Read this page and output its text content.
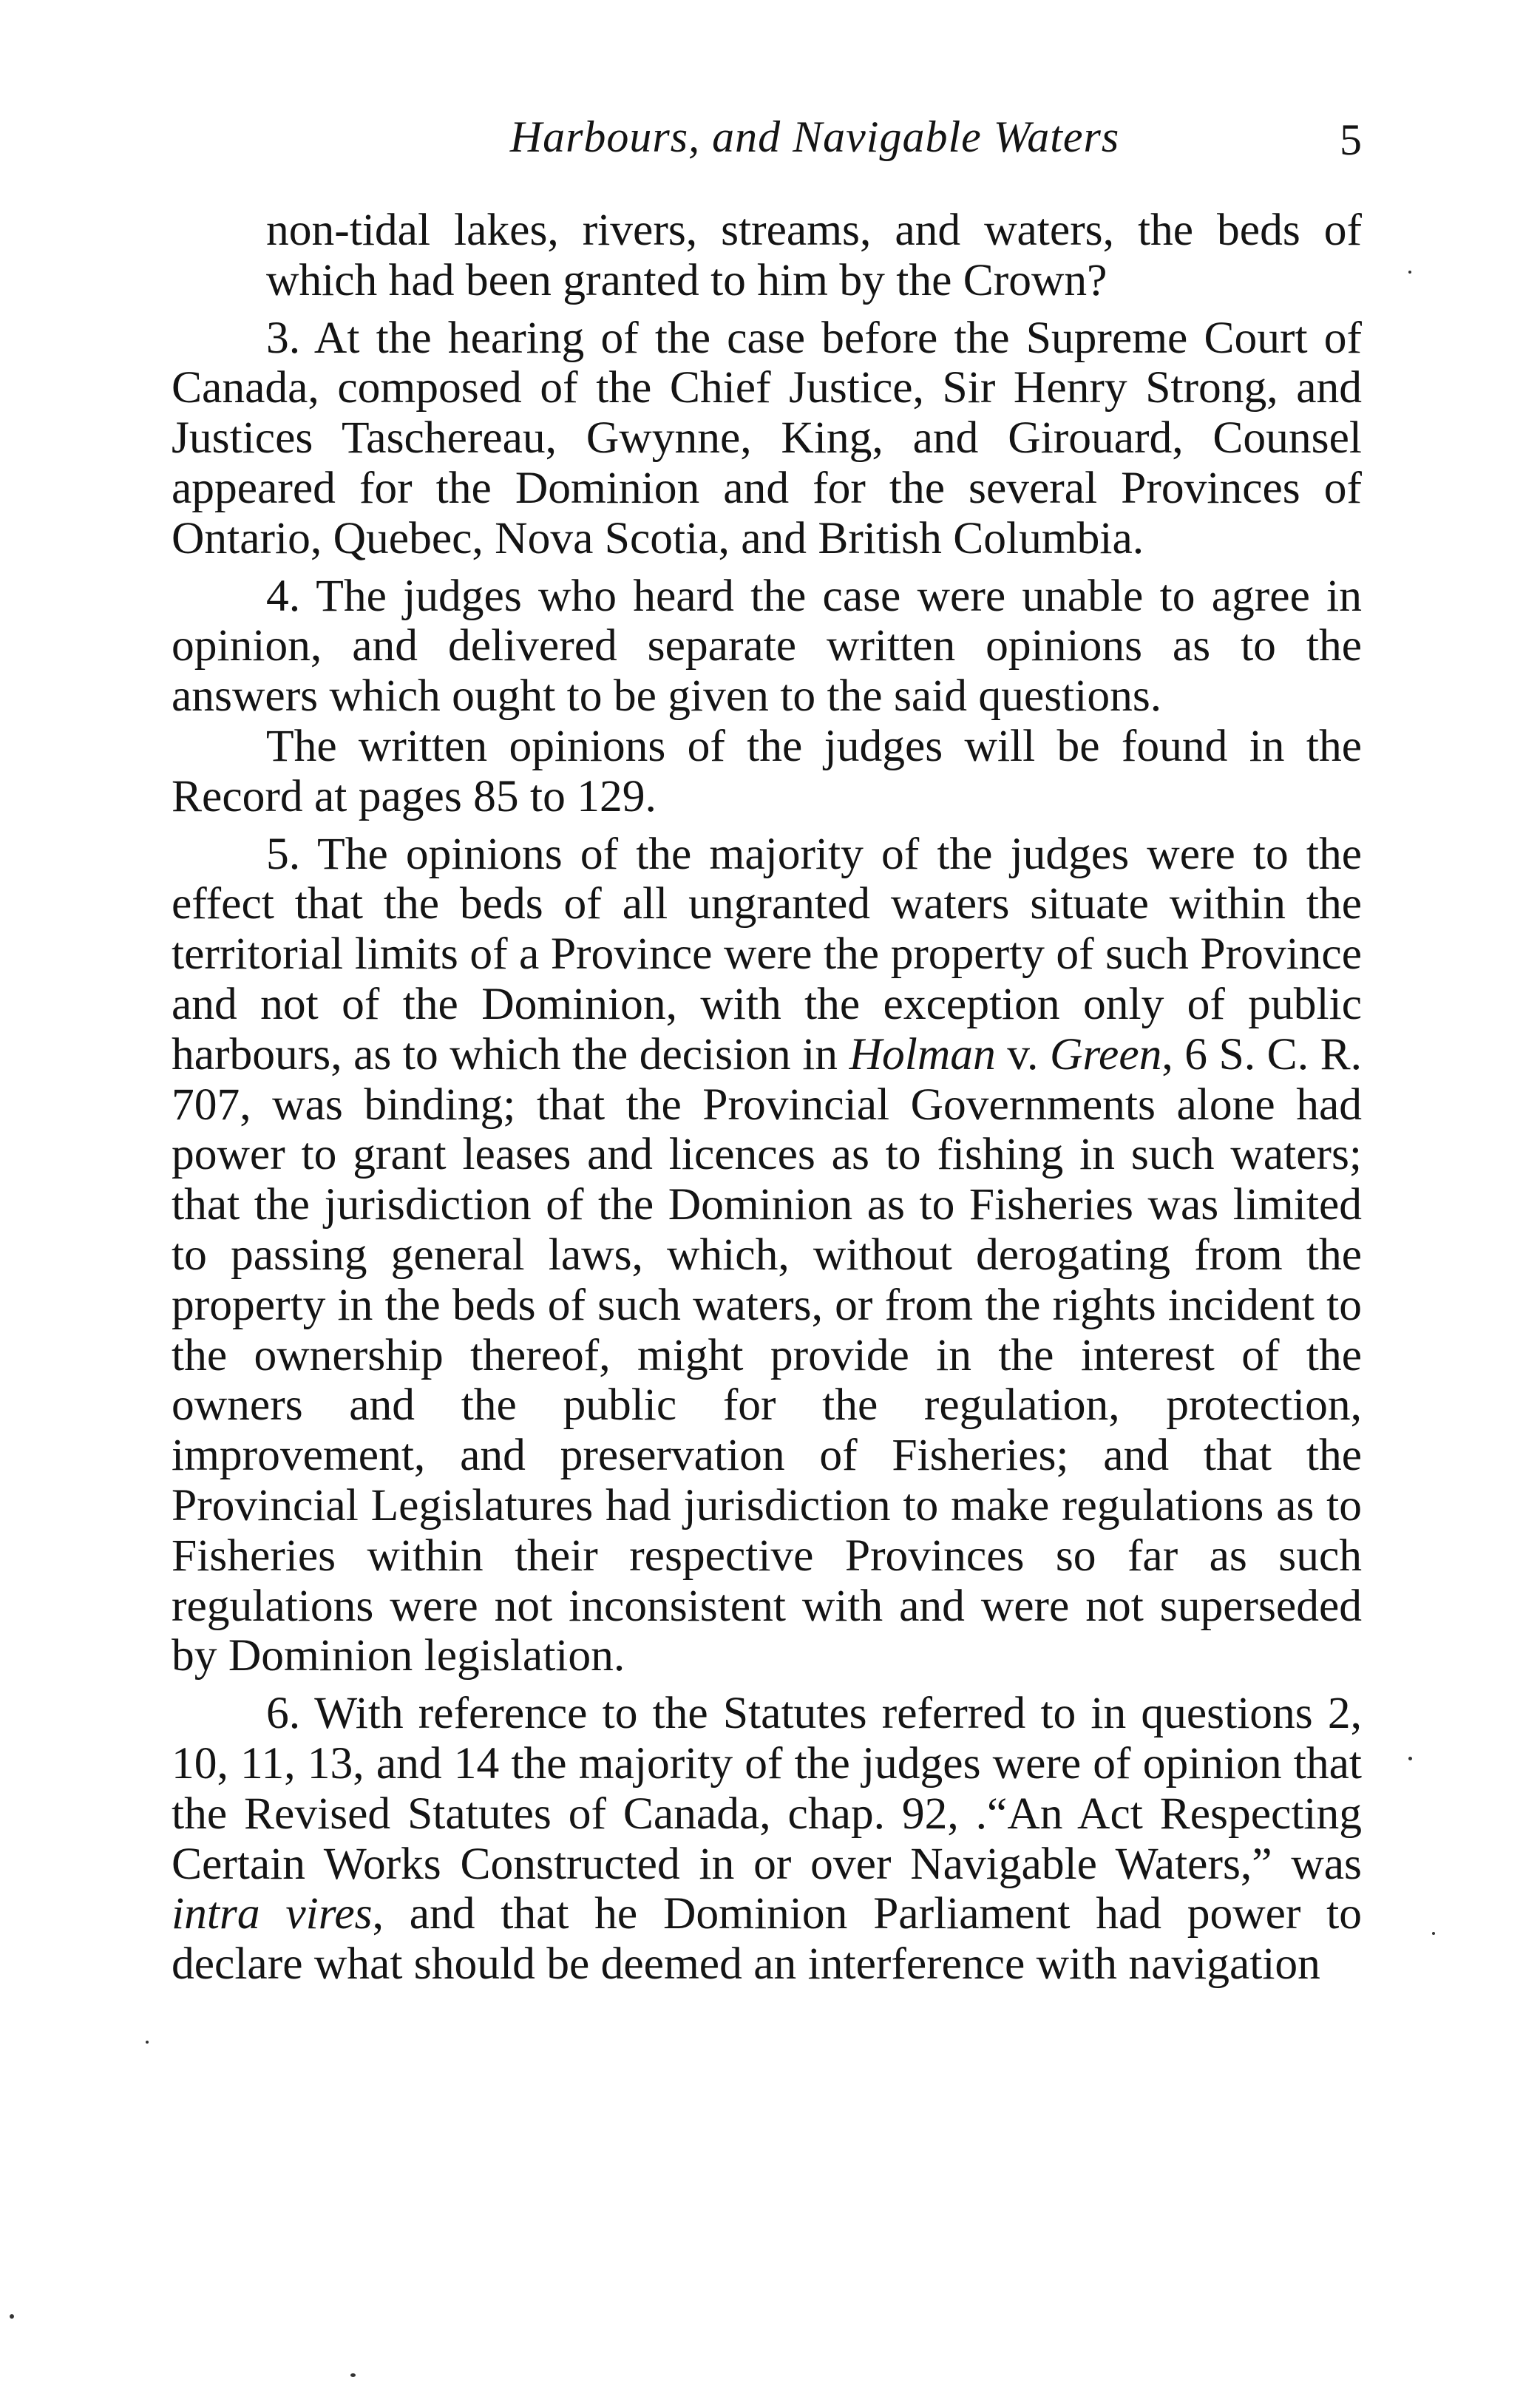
Harbours, and Navigable Waters	5

non-tidal lakes, rivers, streams, and waters, the beds of which had been granted to him by the Crown?

3. At the hearing of the case before the Supreme Court of Canada, composed of the Chief Justice, Sir Henry Strong, and Justices Taschereau, Gwynne, King, and Girouard, Counsel appeared for the Dominion and for the several Provinces of Ontario, Quebec, Nova Scotia, and British Columbia.

4. The judges who heard the case were unable to agree in opinion, and delivered separate written opinions as to the answers which ought to be given to the said questions.

The written opinions of the judges will be found in the Record at pages 85 to 129.

5. The opinions of the majority of the judges were to the effect that the beds of all ungranted waters situate within the territorial limits of a Province were the property of such Province and not of the Dominion, with the exception only of public harbours, as to which the decision in Holman v. Green, 6 S. C. R. 707, was binding; that the Provincial Governments alone had power to grant leases and licences as to fishing in such waters; that the jurisdiction of the Dominion as to Fisheries was limited to passing general laws, which, without derogating from the property in the beds of such waters, or from the rights incident to the ownership thereof, might provide in the interest of the owners and the public for the regulation, protection, improvement, and preservation of Fisheries; and that the Provincial Legislatures had jurisdiction to make regulations as to Fisheries within their respective Provinces so far as such regulations were not inconsistent with and were not superseded by Dominion legislation.

6. With reference to the Statutes referred to in questions 2, 10, 11, 13, and 14 the majority of the judges were of opinion that the Revised Statutes of Canada, chap. 92, .“An Act Respecting Certain Works Constructed in or over Navigable Waters,” was intra vires, and that he Dominion Parliament had power to declare what should be deemed an interference with navigation
